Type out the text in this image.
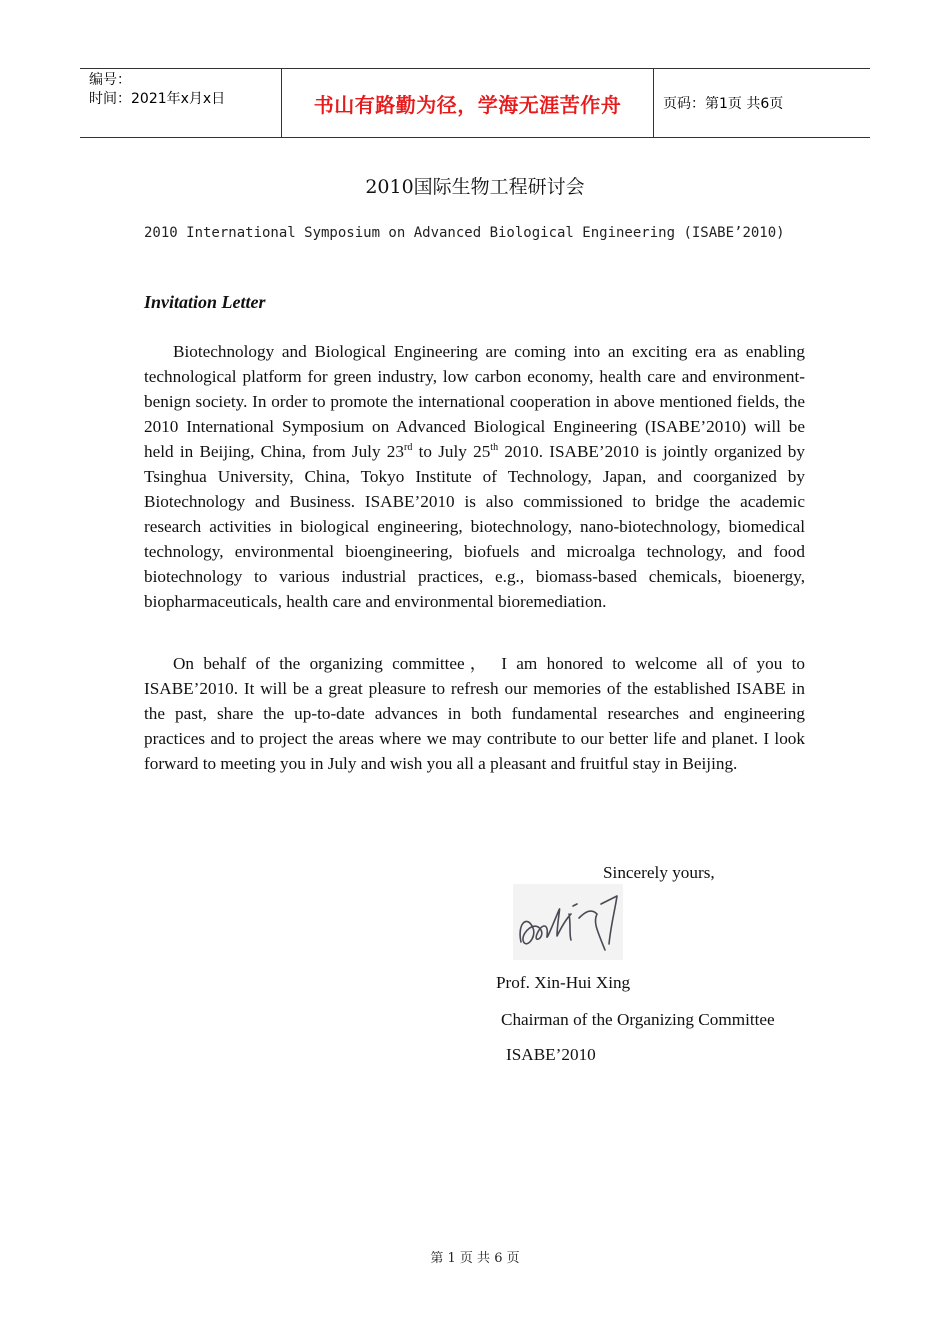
编号：
时间：2021年x月x日	书山有路勤为径，学海无涯苦作舟	页码：第1页 共6页
2010国际生物工程研讨会
2010 International Symposium on Advanced Biological Engineering (ISABE’2010)
Invitation Letter

Biotechnology and Biological Engineering are coming into an exciting era as enabling technological platform for green industry, low carbon economy, health care and environment-benign society. In order to promote the international cooperation in above mentioned fields, the 2010 International Symposium on Advanced Biological Engineering (ISABE’2010) will be held in Beijing, China, from July 23rd to July 25th 2010. ISABE’2010 is jointly organized by Tsinghua University, China, Tokyo Institute of Technology, Japan, and coorganized by Biotechnology and Business. ISABE’2010 is also commissioned to bridge the academic research activities in biological engineering, biotechnology, nano-biotechnology, biomedical technology, environmental bioengineering, biofuels and microalga technology, and food biotechnology to various industrial practices, e.g., biomass-based chemicals, bioenergy, biopharmaceuticals, health care and environmental bioremediation.

On behalf of the organizing committee， I am honored to welcome all of you to ISABE’2010. It will be a great pleasure to refresh our memories of the established ISABE in the past, share the up-to-date advances in both fundamental researches and engineering practices and to project the areas where we may contribute to our better life and planet. I look forward to meeting you in July and wish you all a pleasant and fruitful stay in Beijing.

Sincerely yours,
Prof. Xin-Hui Xing
Chairman of the Organizing Committee
ISABE’2010
第 1 页 共 6 页
